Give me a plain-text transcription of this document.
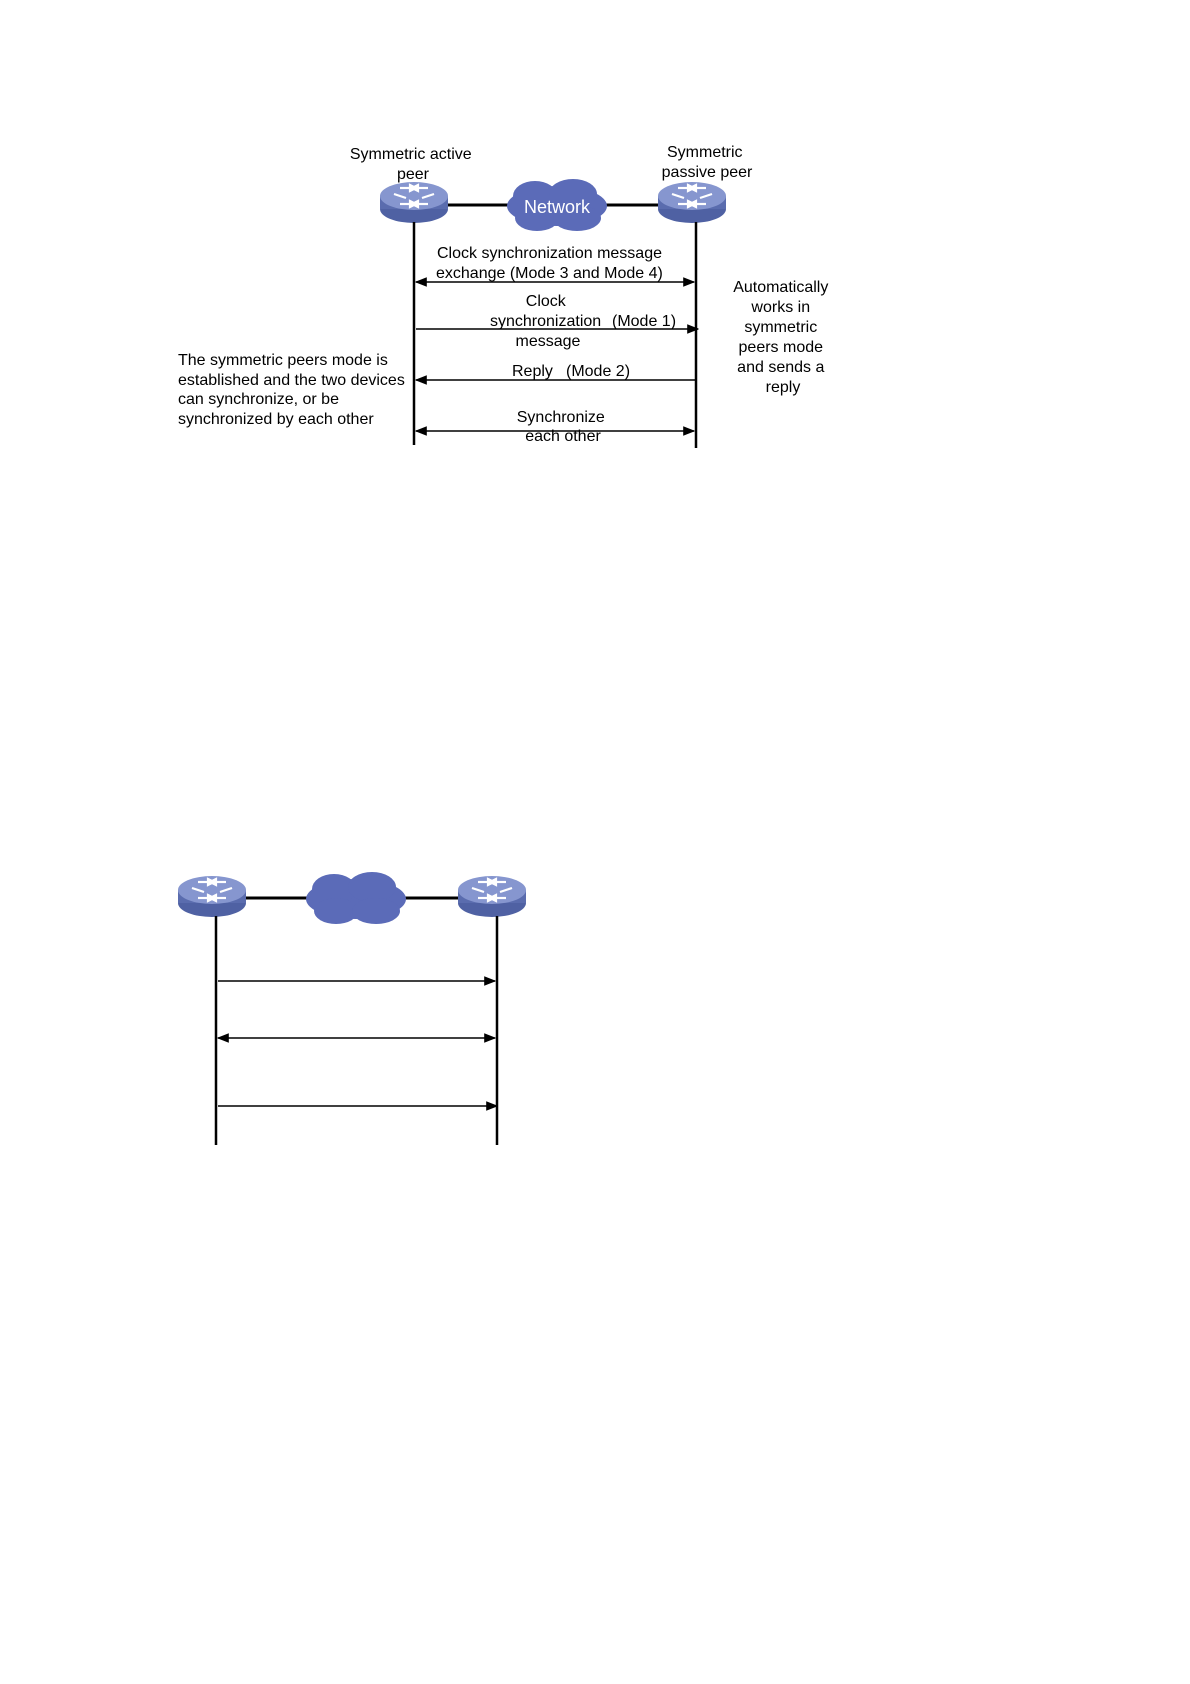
Network
Symmetric active peer
Symmetric passive peer
Clock synchronization message exchange (Mode 3 and Mode 4)
Clock synchronization (Mode 1) message
Reply (Mode 2)
Synchronize each other
Automatically works in symmetric peers mode and sends a reply
The symmetric peers mode is established and the two devices can synchronize, or be synchronized by each other
